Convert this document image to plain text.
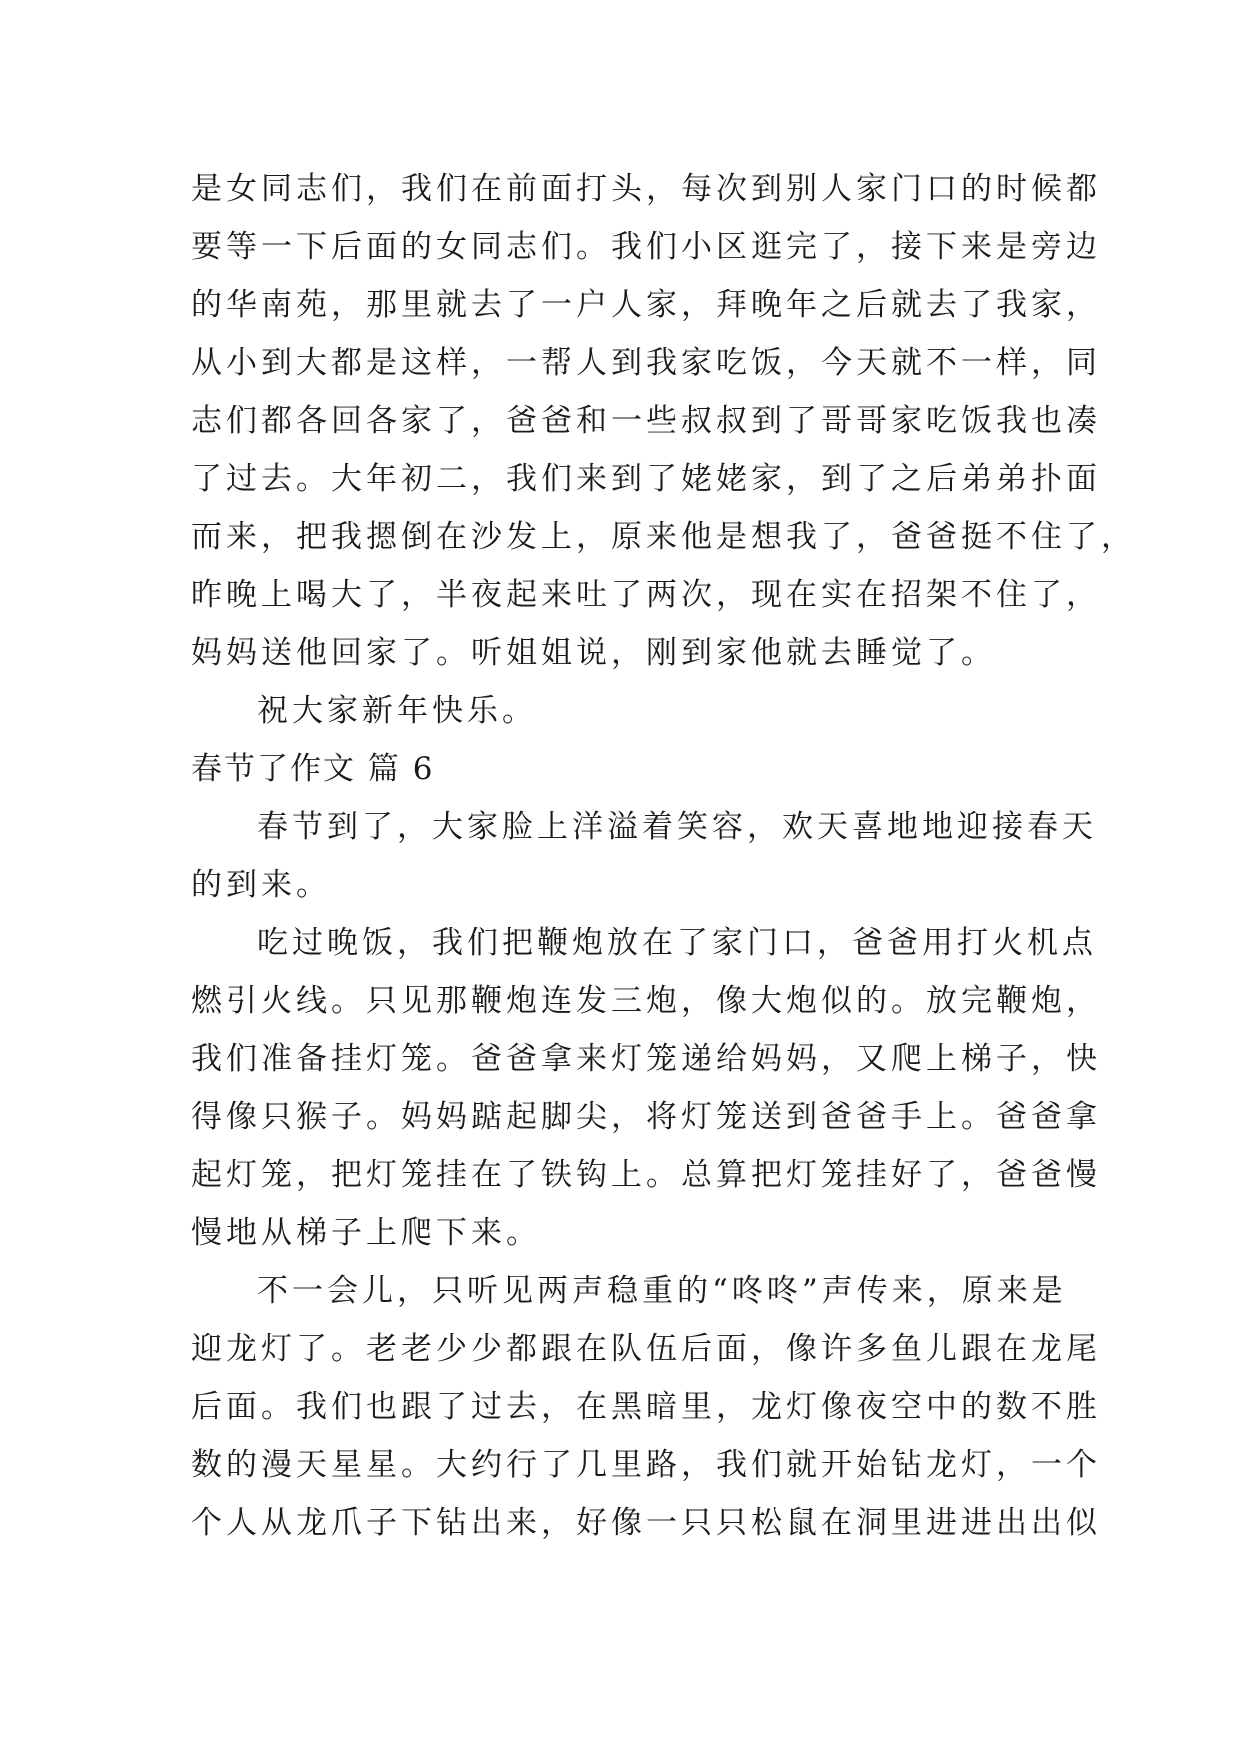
是女同志们，我们在前面打头，每次到别人家门口的时候都
要等一下后面的女同志们。我们小区逛完了，接下来是旁边
的华南苑，那里就去了一户人家，拜晚年之后就去了我家，
从小到大都是这样，一帮人到我家吃饭，今天就不一样，同
志们都各回各家了，爸爸和一些叔叔到了哥哥家吃饭我也凑
了过去。大年初二，我们来到了姥姥家，到了之后弟弟扑面
而来，把我摁倒在沙发上，原来他是想我了，爸爸挺不住了，
昨晚上喝大了，半夜起来吐了两次，现在实在招架不住了，
妈妈送他回家了。听姐姐说，刚到家他就去睡觉了。
祝大家新年快乐。
春节了作文 篇 6
春节到了，大家脸上洋溢着笑容，欢天喜地地迎接春天
的到来。
吃过晚饭，我们把鞭炮放在了家门口，爸爸用打火机点
燃引火线。只见那鞭炮连发三炮，像大炮似的。放完鞭炮，
我们准备挂灯笼。爸爸拿来灯笼递给妈妈，又爬上梯子，快
得像只猴子。妈妈踮起脚尖，将灯笼送到爸爸手上。爸爸拿
起灯笼，把灯笼挂在了铁钩上。总算把灯笼挂好了，爸爸慢
慢地从梯子上爬下来。
不一会儿，只听见两声稳重的“咚咚”声传来，原来是
迎龙灯了。老老少少都跟在队伍后面，像许多鱼儿跟在龙尾
后面。我们也跟了过去，在黑暗里，龙灯像夜空中的数不胜
数的漫天星星。大约行了几里路，我们就开始钻龙灯，一个
个人从龙爪子下钻出来，好像一只只松鼠在洞里进进出出似
